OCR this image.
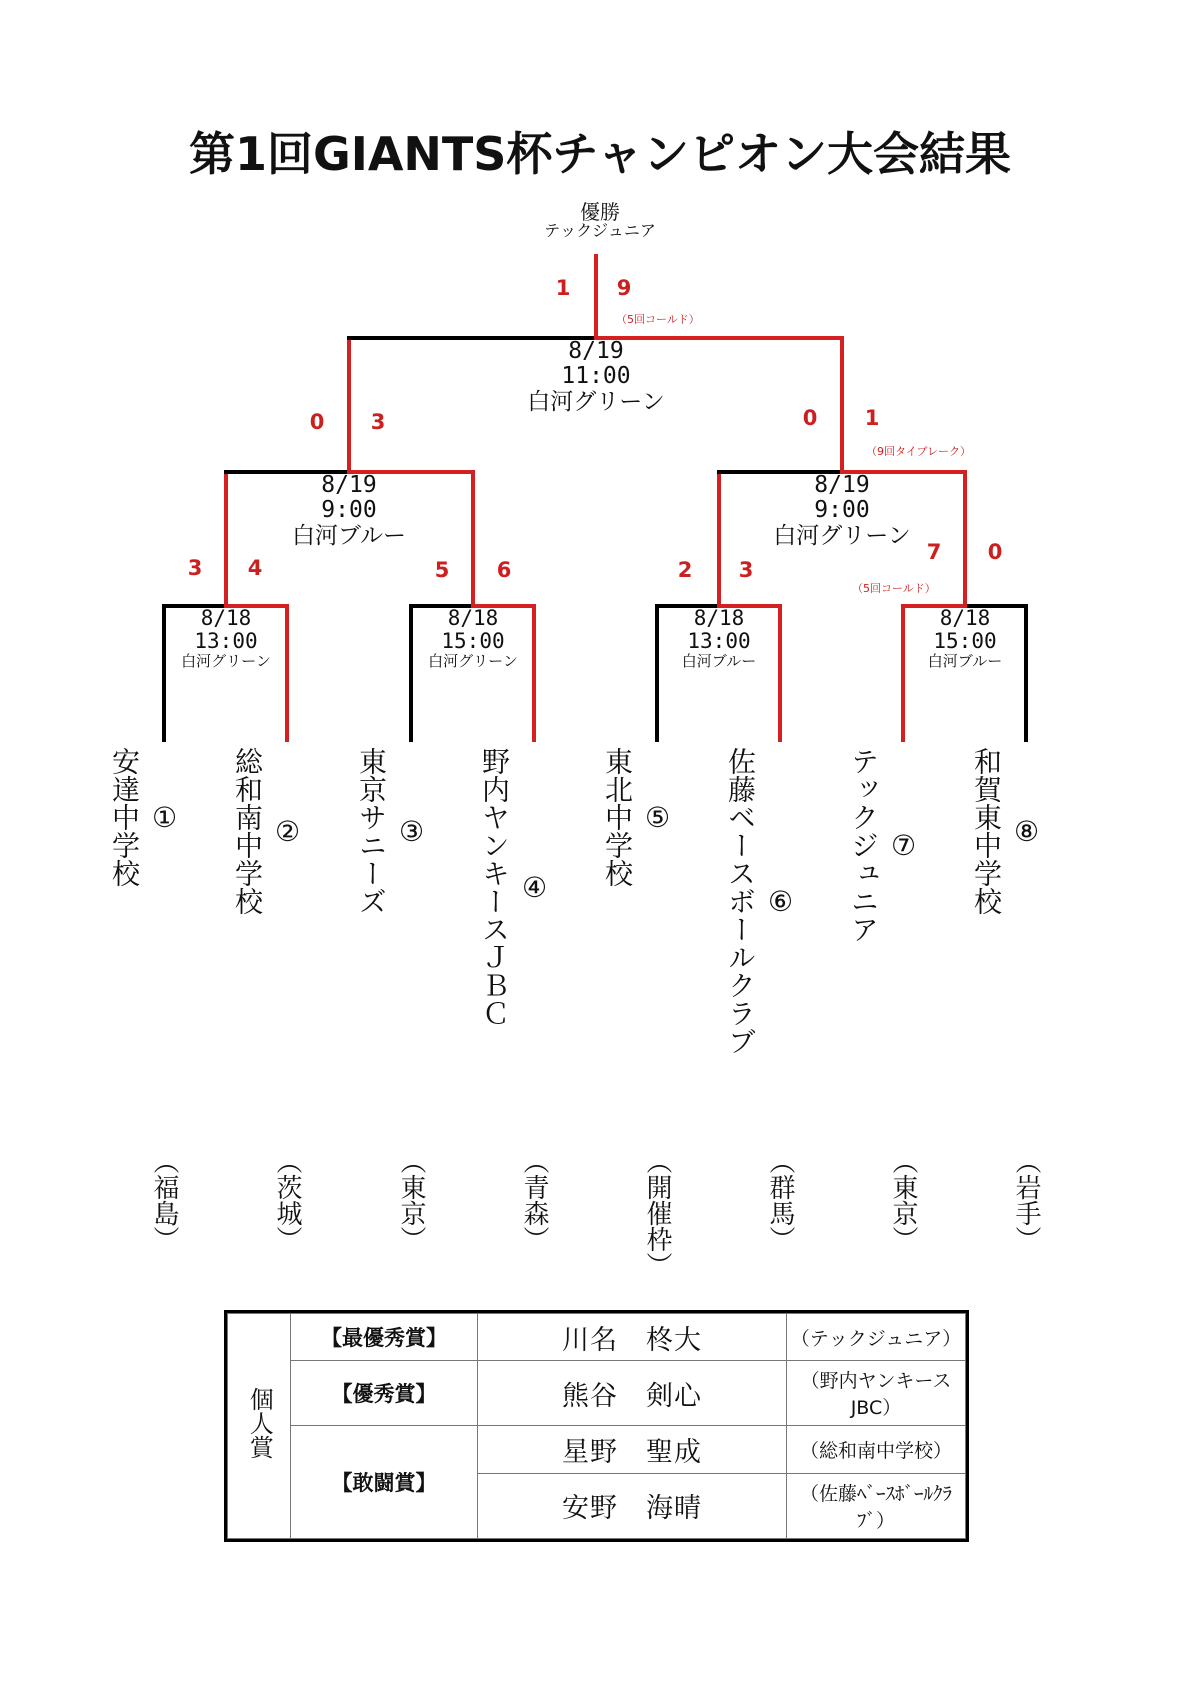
第1回GIANTS杯チャンピオン大会結果
優勝
テックジュニア
8/19
11:00
白河グリーン
1	9
（5回コールド）
8/19
9:00
白河ブルー
0	3
8/19
9:00
白河グリーン
0	1
（9回タイブレーク）
8/18
13:00
白河グリーン
3	4
8/18
15:00
白河グリーン
5	6
8/18
13:00
白河ブルー
2	3
8/18
15:00
白河ブルー
7	0
（5回コールド）
①
安達中学校	②
総和南中学校	③
東京サニーズ	④
野内ヤンキースＪＢＣ	⑤
東北中学校
⑥
佐藤ベースボールクラブ	⑦
テックジュニア	⑧
和賀東中学校
（福島）	（茨城）	（東京）	（青森）	（開催枠）	（群馬）	（東京）	（岩手）
個人賞	【最優秀賞】	川名　柊大	（テックジュニア）
	【優秀賞】	熊谷　剣心	（野内ヤンキースJBC）
	【敢闘賞】	星野　聖成	（総和南中学校）
		安野　海晴	（佐藤ﾍﾞｰｽﾎﾞｰﾙｸﾗﾌﾞ）
